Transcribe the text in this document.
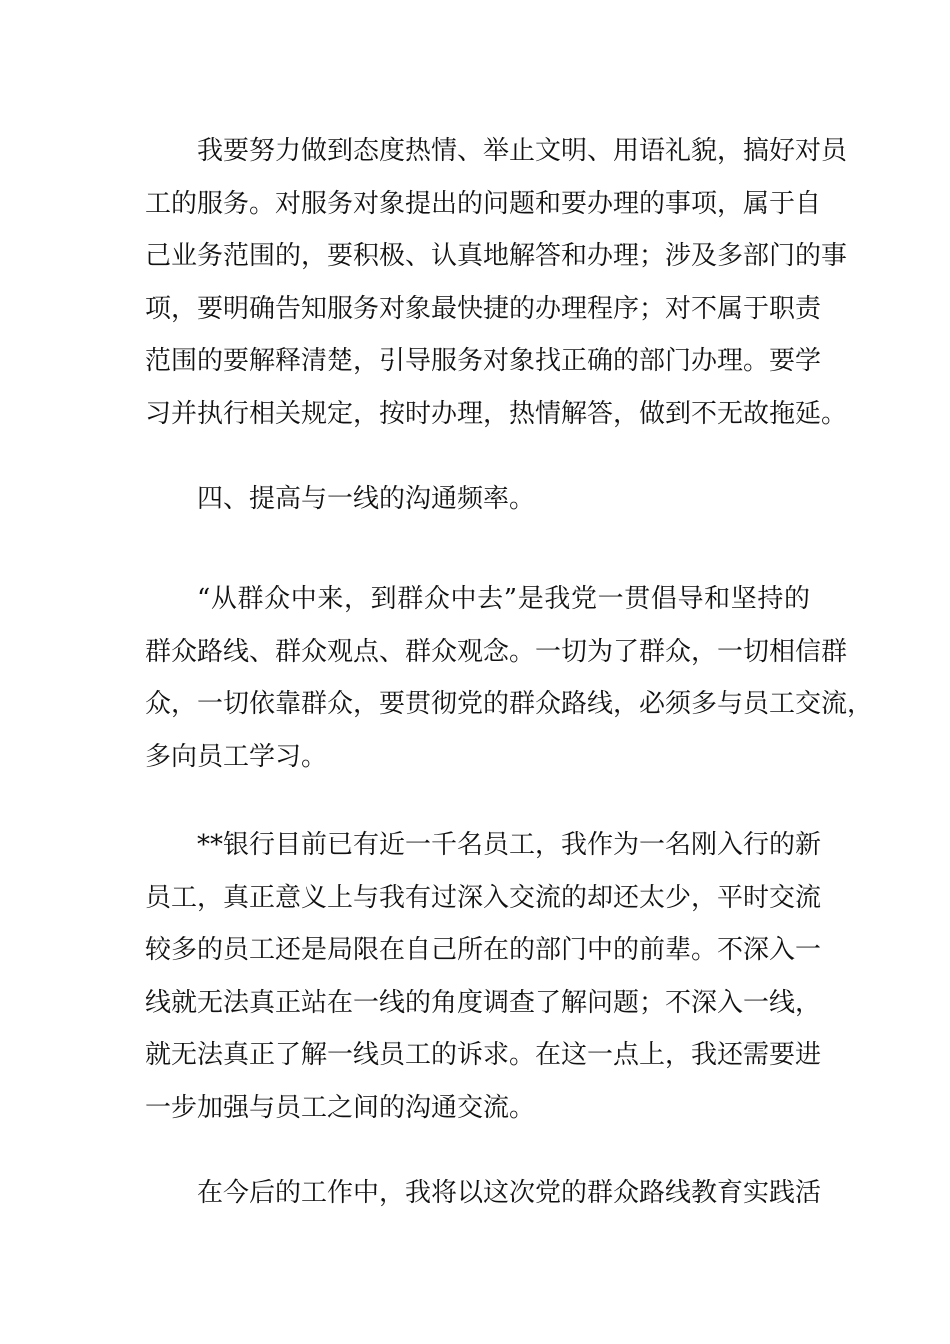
我要努力做到态度热情、举止文明、用语礼貌，搞好对员
工的服务。对服务对象提出的问题和要办理的事项，属于自
己业务范围的，要积极、认真地解答和办理；涉及多部门的事
项，要明确告知服务对象最快捷的办理程序；对不属于职责
范围的要解释清楚，引导服务对象找正确的部门办理。要学
习并执行相关规定，按时办理，热情解答，做到不无故拖延。
四、提高与一线的沟通频率。
“从群众中来，到群众中去”是我党一贯倡导和坚持的
群众路线、群众观点、群众观念。一切为了群众，一切相信群
众，一切依靠群众，要贯彻党的群众路线，必须多与员工交流，
多向员工学习。
**银行目前已有近一千名员工，我作为一名刚入行的新
员工，真正意义上与我有过深入交流的却还太少，平时交流
较多的员工还是局限在自己所在的部门中的前辈。不深入一
线就无法真正站在一线的角度调查了解问题；不深入一线，
就无法真正了解一线员工的诉求。在这一点上，我还需要进
一步加强与员工之间的沟通交流。
在今后的工作中，我将以这次党的群众路线教育实践活
